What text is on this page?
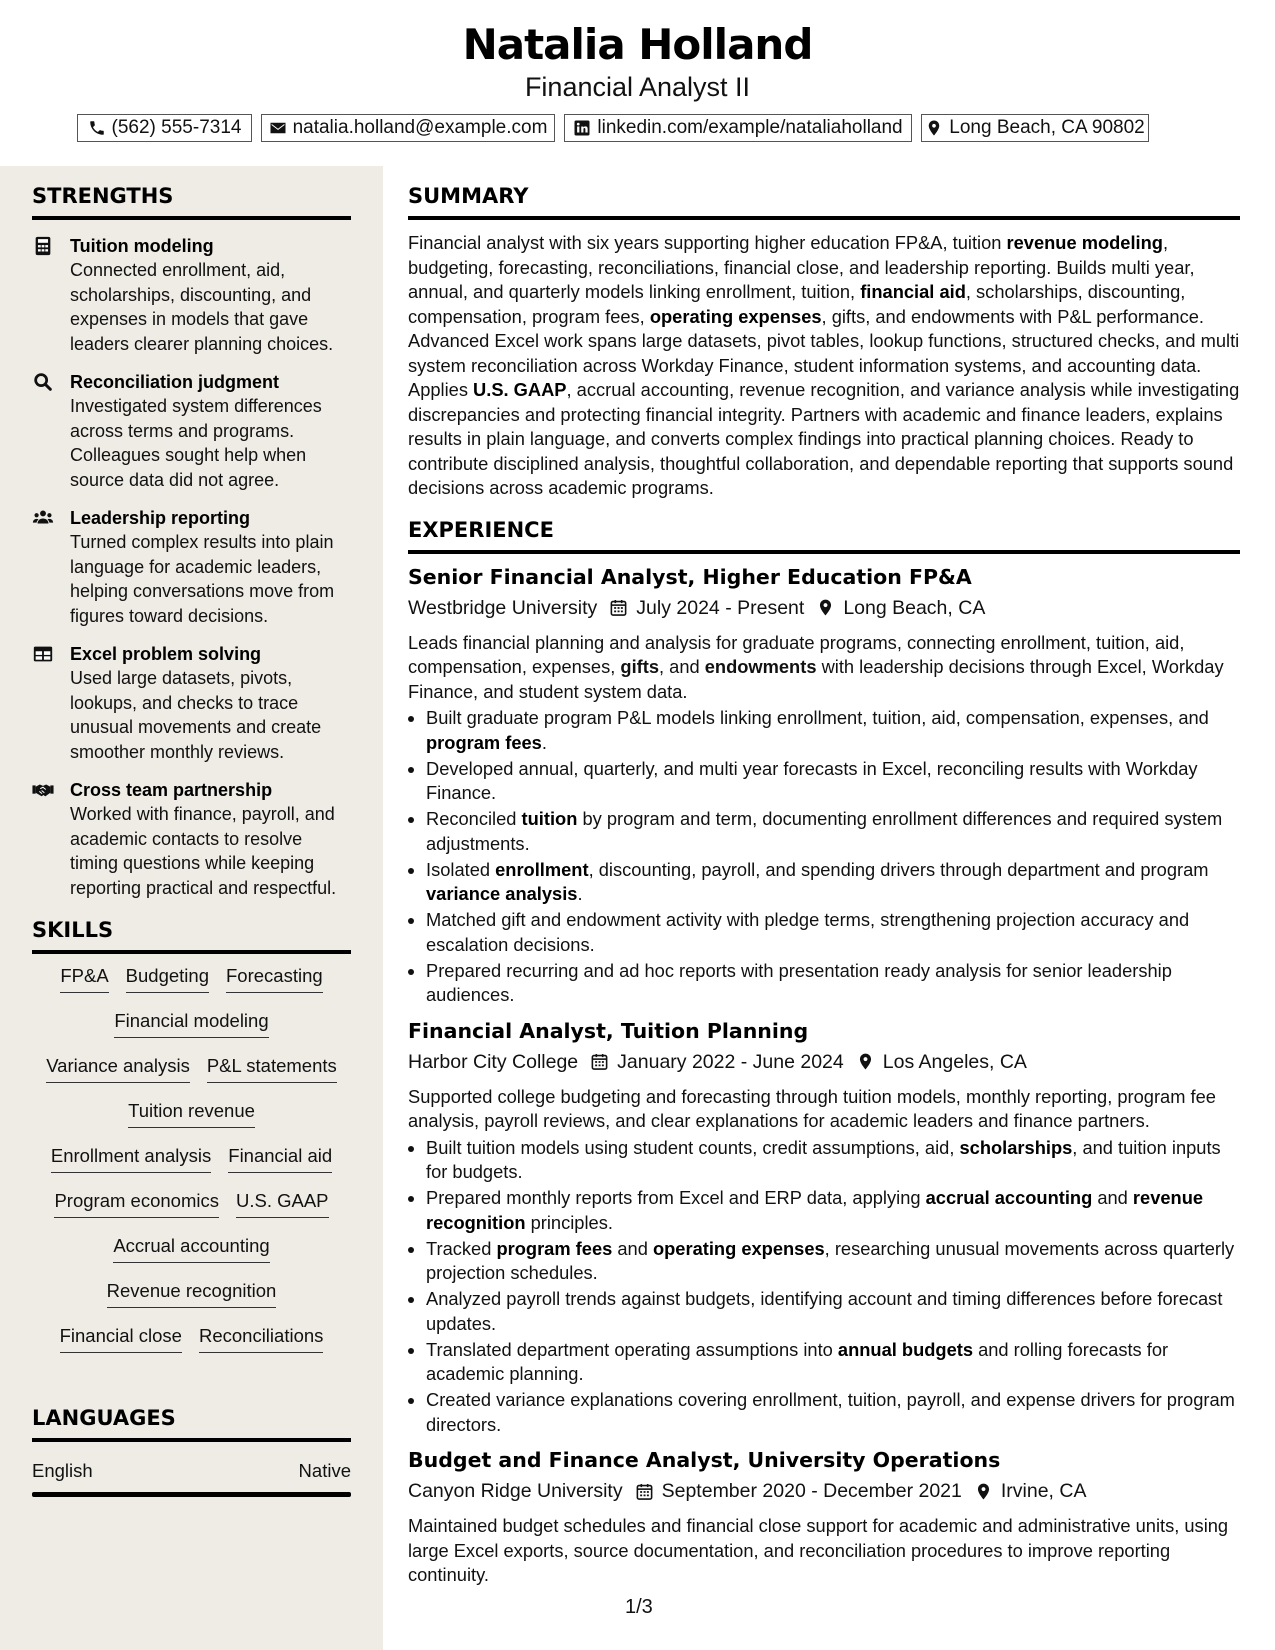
Natalia Holland
Financial Analyst II
(562) 555-7314	natalia.holland@example.com	linkedin.com/example/nataliaholland Long Beach, CA 90802
STRENGTHS
Tuition modeling
Connected enrollment, aid, scholarships, discounting, and expenses in models that gave leaders clearer planning choices.
Reconciliation judgment
Investigated system differences across terms and programs. Colleagues sought help when source data did not agree.
Leadership reporting
Turned complex results into plain language for academic leaders, helping conversations move from figures toward decisions.
Excel problem solving
Used large datasets, pivots, lookups, and checks to trace unusual movements and create smoother monthly reviews.
Cross team partnership
Worked with finance, payroll, and academic contacts to resolve timing questions while keeping reporting practical and respectful.
SKILLS
FP&A Budgeting Forecasting
Financial modeling
Variance analysis P&L statements
Tuition revenue
Enrollment analysis Financial aid
Program economics U.S. GAAP
Accrual accounting
Revenue recognition
Financial close Reconciliations
LANGUAGES
English	Native
SUMMARY
Financial analyst with six years supporting higher education FP&A, tuition revenue modeling, budgeting, forecasting, reconciliations, financial close, and leadership reporting. Builds multi year, annual, and quarterly models linking enrollment, tuition, financial aid, scholarships, discounting, compensation, program fees, operating expenses, gifts, and endowments with P&L performance. Advanced Excel work spans large datasets, pivot tables, lookup functions, structured checks, and multi system reconciliation across Workday Finance, student information systems, and accounting data. Applies U.S. GAAP, accrual accounting, revenue recognition, and variance analysis while investigating discrepancies and protecting financial integrity. Partners with academic and finance leaders, explains results in plain language, and converts complex findings into practical planning choices. Ready to contribute disciplined analysis, thoughtful collaboration, and dependable reporting that supports sound decisions across academic programs.
EXPERIENCE
Senior Financial Analyst, Higher Education FP&A
Westbridge University July 2024 - Present Long Beach, CA
Leads financial planning and analysis for graduate programs, connecting enrollment, tuition, aid, compensation, expenses, gifts, and endowments with leadership decisions through Excel, Workday Finance, and student system data.
• Built graduate program P&L models linking enrollment, tuition, aid, compensation, expenses, and program fees.
• Developed annual, quarterly, and multi year forecasts in Excel, reconciling results with Workday Finance.
• Reconciled tuition by program and term, documenting enrollment differences and required system adjustments.
• Isolated enrollment, discounting, payroll, and spending drivers through department and program variance analysis.
• Matched gift and endowment activity with pledge terms, strengthening projection accuracy and escalation decisions.
• Prepared recurring and ad hoc reports with presentation ready analysis for senior leadership audiences.
Financial Analyst, Tuition Planning
Harbor City College January 2022 - June 2024 Los Angeles, CA
Supported college budgeting and forecasting through tuition models, monthly reporting, program fee analysis, payroll reviews, and clear explanations for academic leaders and finance partners.
• Built tuition models using student counts, credit assumptions, aid, scholarships, and tuition inputs for budgets.
• Prepared monthly reports from Excel and ERP data, applying accrual accounting and revenue recognition principles.
• Tracked program fees and operating expenses, researching unusual movements across quarterly projection schedules.
• Analyzed payroll trends against budgets, identifying account and timing differences before forecast updates.
• Translated department operating assumptions into annual budgets and rolling forecasts for academic planning.
• Created variance explanations covering enrollment, tuition, payroll, and expense drivers for program directors.
Budget and Finance Analyst, University Operations
Canyon Ridge University September 2020 - December 2021 Irvine, CA
Maintained budget schedules and financial close support for academic and administrative units, using large Excel exports, source documentation, and reconciliation procedures to improve reporting continuity.
1/3
